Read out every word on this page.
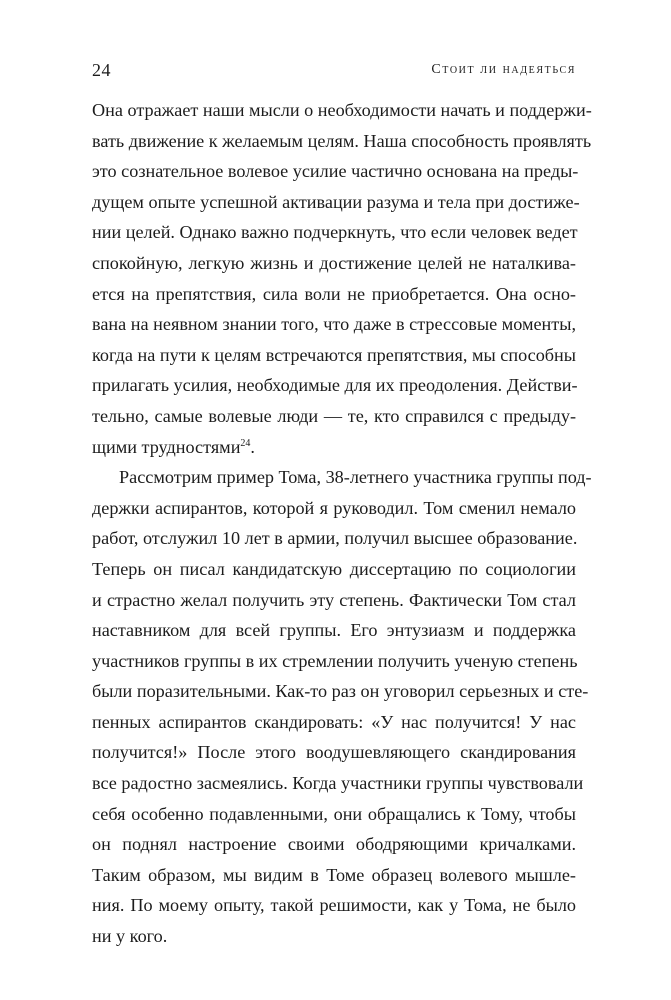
24	Стоит ли надеяться
Она отражает наши мысли о необходимости начать и поддержи-
вать движение к желаемым целям. Наша способность проявлять
это сознательное волевое усилие частично основана на преды-
дущем опыте успешной активации разума и тела при достиже-
нии целей. Однако важно подчеркнуть, что если человек ведет
спокойную, легкую жизнь и достижение целей не наталкива-
ется на препятствия, сила воли не приобретается. Она осно-
вана на неявном знании того, что даже в стрессовые моменты,
когда на пути к целям встречаются препятствия, мы способны
прилагать усилия, необходимые для их преодоления. Действи-
тельно, самые волевые люди — те, кто справился с предыду-
щими трудностями$^{24}$.
Рассмотрим пример Тома, 38-летнего участника группы под-
держки аспирантов, которой я руководил. Том сменил немало
работ, отслужил 10 лет в армии, получил высшее образование.
Теперь он писал кандидатскую диссертацию по социологии
и страстно желал получить эту степень. Фактически Том стал
наставником для всей группы. Его энтузиазм и поддержка
участников группы в их стремлении получить ученую степень
были поразительными. Как-то раз он уговорил серьезных и сте-
пенных аспирантов скандировать: «У нас получится! У нас
получится!» После этого воодушевляющего скандирования
все радостно засмеялись. Когда участники группы чувствовали
себя особенно подавленными, они обращались к Тому, чтобы
он поднял настроение своими ободряющими кричалками.
Таким образом, мы видим в Томе образец волевого мышле-
ния. По моему опыту, такой решимости, как у Тома, не было
ни у кого.
